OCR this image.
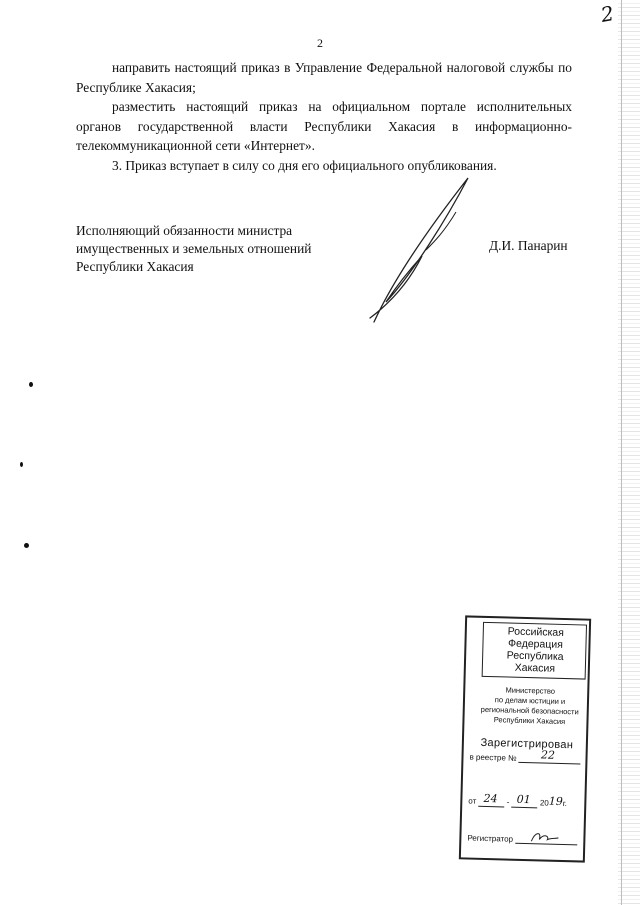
2
2

направить настоящий приказ в Управление Федеральной налоговой службы по Республике Хакасия;

разместить настоящий приказ на официальном портале исполнительных органов государственной власти Республики Хакасия в информационно-телекоммуникационной сети «Интернет».

3. Приказ вступает в силу со дня его официального опубликования.

Исполняющий обязанности министра
имущественных и земельных отношений
Республики Хакасия
Д.И. Панарин
Российская Федерация
Республика Хакасия
Министерство
по делам юстиции и
региональной безопасности
Республики Хакасия
Зарегистрирован
в реестре № 22
от 24 - 01 2019г.
Регистратор
